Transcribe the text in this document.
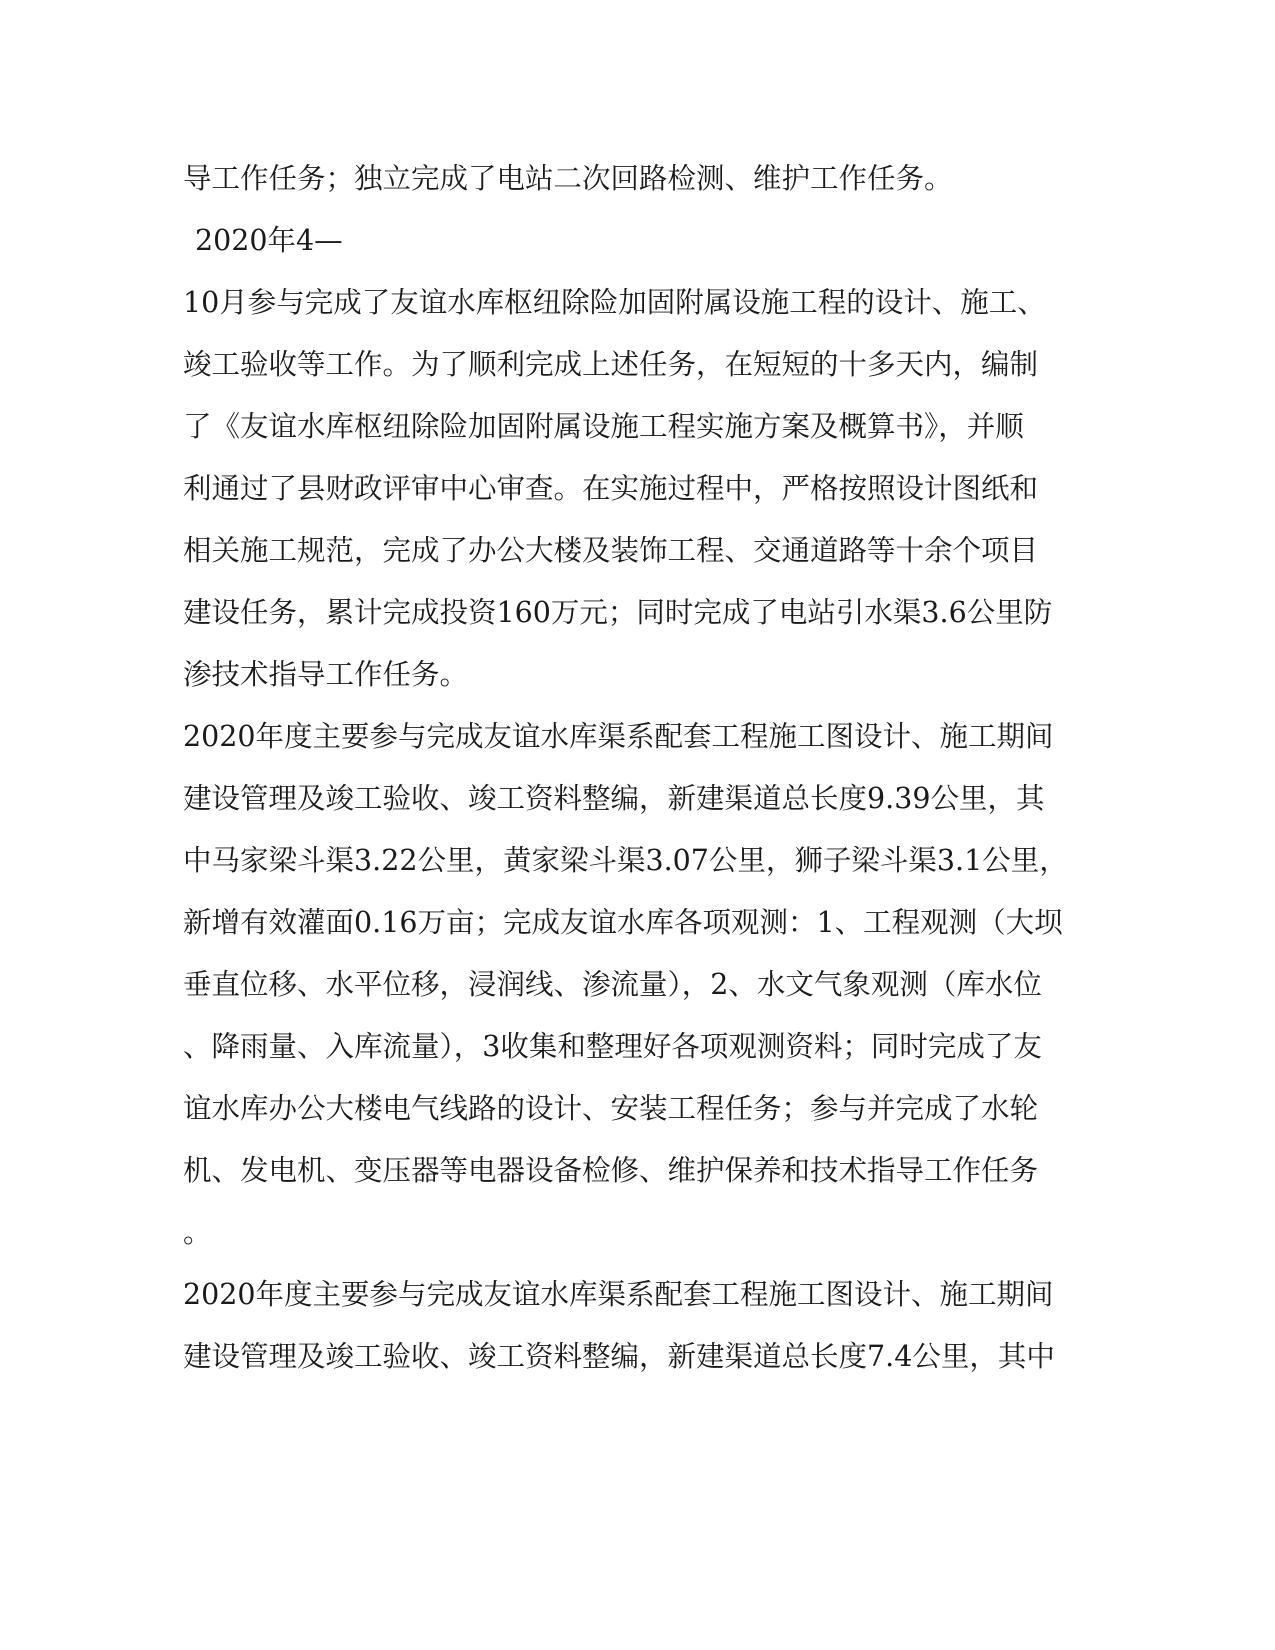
导工作任务；独立完成了电站二次回路检测、维护工作任务。
2020年4—
10月参与完成了友谊水库枢纽除险加固附属设施工程的设计、施工、
竣工验收等工作。为了顺利完成上述任务，在短短的十多天内，编制
了《友谊水库枢纽除险加固附属设施工程实施方案及概算书》，并顺
利通过了县财政评审中心审查。在实施过程中，严格按照设计图纸和
相关施工规范，完成了办公大楼及装饰工程、交通道路等十余个项目
建设任务，累计完成投资160万元；同时完成了电站引水渠3.6公里防
渗技术指导工作任务。
2020年度主要参与完成友谊水库渠系配套工程施工图设计、施工期间
建设管理及竣工验收、竣工资料整编，新建渠道总长度9.39公里，其
中马家梁斗渠3.22公里，黄家梁斗渠3.07公里，狮子梁斗渠3.1公里，
新增有效灌面0.16万亩；完成友谊水库各项观测：1、工程观测（大坝
垂直位移、水平位移，浸润线、渗流量），2、水文气象观测（库水位
、降雨量、入库流量），3收集和整理好各项观测资料；同时完成了友
谊水库办公大楼电气线路的设计、安装工程任务；参与并完成了水轮
机、发电机、变压器等电器设备检修、维护保养和技术指导工作任务
。
2020年度主要参与完成友谊水库渠系配套工程施工图设计、施工期间
建设管理及竣工验收、竣工资料整编，新建渠道总长度7.4公里，其中
